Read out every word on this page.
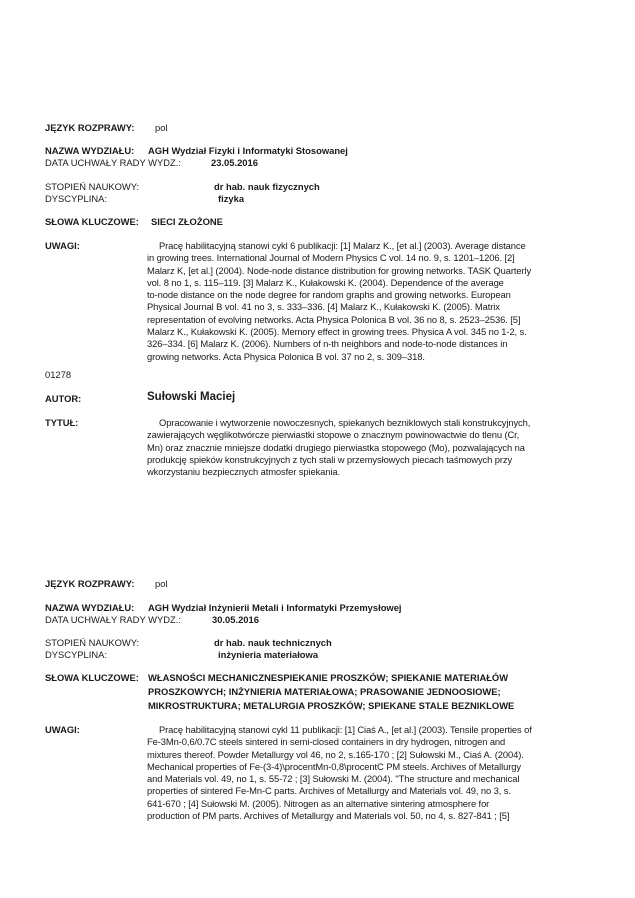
JĘZYK ROZPRAWY: pol
NAZWA WYDZIAŁU: AGH Wydział Fizyki i Informatyki Stosowanej
DATA UCHWAŁY RADY WYDZ.:	23.05.2016
STOPIEŃ NAUKOWY:	dr hab. nauk fizycznych
DYSCYPLINA:	fizyka
SŁOWA KLUCZOWE: SIECI ZŁOŻONE
UWAGI:	Pracę habilitacyjną stanowi cykl 6 publikacji: [1] Malarz K., [et al.] (2003). Average distance
in growing trees. International Journal of Modern Physics C vol. 14 no. 9, s. 1201–1206. [2]
Malarz K, [et al.] (2004). Node-node distance distribution for growing networks. TASK Quarterly
vol. 8 no 1, s. 115–119. [3] Malarz K., Kułakowski K. (2004). Dependence of the average
to-node distance on the node degree for random graphs and growing networks. European
Physical Journal B vol. 41 no 3, s. 333–336. [4] Malarz K., Kułakowski K. (2005). Matrix
representation of evolving networks. Acta Physica Polonica B vol. 36 no 8, s. 2523–2536. [5]
Malarz K., Kułakowski K. (2005). Memory effect in growing trees. Physica A vol. 345 no 1-2, s.
326–334. [6] Malarz K. (2006). Numbers of n-th neighbors and node-to-node distances in
growing networks. Acta Physica Polonica B vol. 37 no 2, s. 309–318.
01278
AUTOR:	Sułowski Maciej
TYTUŁ:	Opracowanie i wytworzenie nowoczesnych, spiekanych bezniklowych stali konstrukcyjnych,
zawierających węglikotwórcze pierwiastki stopowe o znacznym powinowactwie do tlenu (Cr,
Mn) oraz znacznie mniejsze dodatki drugiego pierwiastka stopowego (Mo), pozwalających na
produkcję spieków konstrukcyjnych z tych stali w przemysłowych piecach taśmowych przy
wkorzystaniu bezpiecznych atmosfer spiekania.
JĘZYK ROZPRAWY: pol
NAZWA WYDZIAŁU: AGH Wydział Inżynierii Metali i Informatyki Przemysłowej
DATA UCHWAŁY RADY WYDZ.:	30.05.2016
STOPIEŃ NAUKOWY:	dr hab. nauk technicznych
DYSCYPLINA:	inżynieria materiałowa
SŁOWA KLUCZOWE: WŁASNOŚCI MECHANICZNESPIEKANIE PROSZKÓW; SPIEKANIE MATERIAŁÓW
PROSZKOWYCH; INŻYNIERIA MATERIAŁOWA; PRASOWANIE JEDNOOSIOWE;
MIKROSTRUKTURA; METALURGIA PROSZKÓW; SPIEKANE STALE BEZNIKLOWE
UWAGI:	Pracę habilitacyjną stanowi cykl 11 publikacji: [1] Ciaś A., [et al.] (2003). Tensile properties of
Fe-3Mn-0,6/0.7C steels sintered in semi-closed containers in dry hydrogen, nitrogen and
mixtures thereof. Powder Metallurgy vol 46, no 2, s.165-170 ; [2] Sułowski M., Ciaś A. (2004).
Mechanical properties of Fe-(3-4)\procentMn-0,8\procentC PM steels. Archives of Metallurgy
and Materials vol. 49, no 1, s. 55-72 ; [3] Sułowski M. (2004). "The structure and mechanical
properties of sintered Fe-Mn-C parts. Archives of Metallurgy and Materials vol. 49, no 3, s.
641-670 ; [4] Sułowski M. (2005). Nitrogen as an alternative sintering atmosphere for
production of PM parts. Archives of Metallurgy and Materials vol. 50, no 4, s. 827-841 ; [5]
